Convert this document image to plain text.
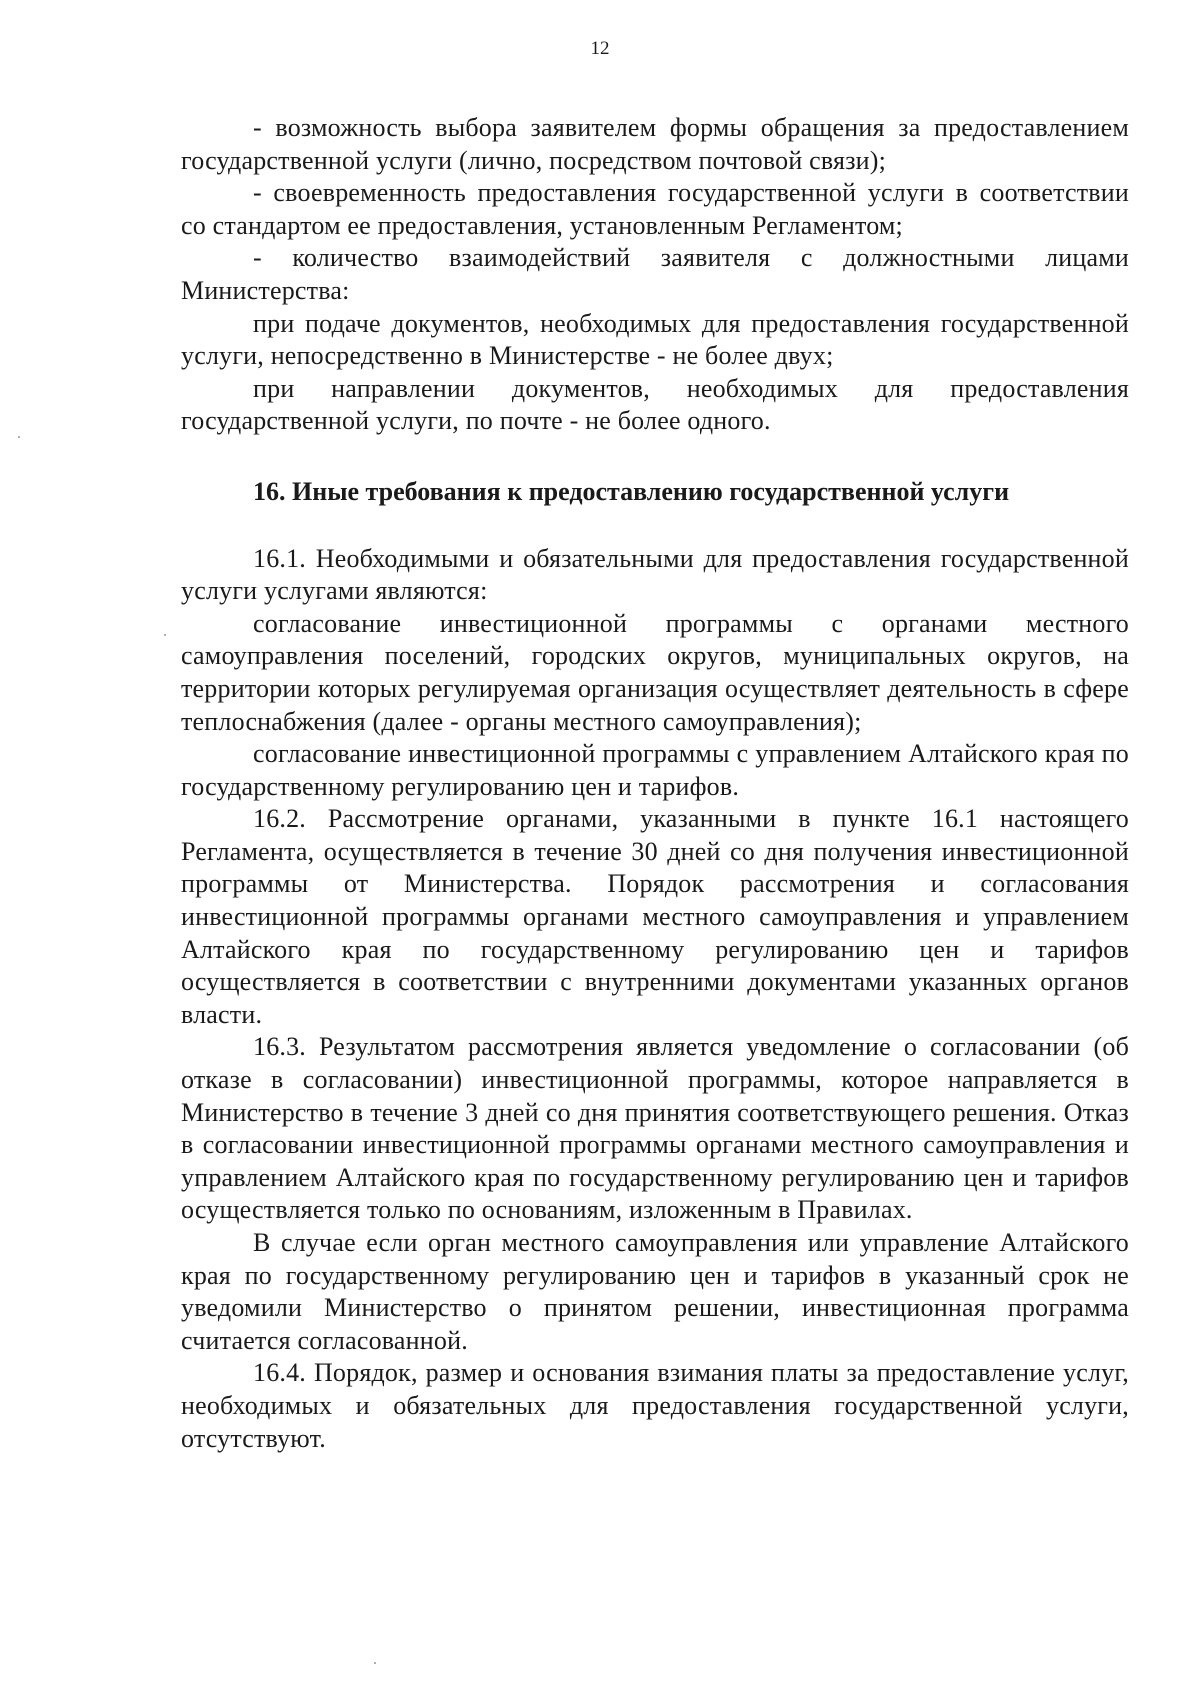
12

- возможность выбора заявителем формы обращения за предоставлением государственной услуги (лично, посредством почтовой связи);

- своевременность предоставления государственной услуги в соответствии со стандартом ее предоставления, установленным Регламентом;

- количество взаимодействий заявителя с должностными лицами Министерства:

при подаче документов, необходимых для предоставления государственной услуги, непосредственно в Министерстве - не более двух;

при направлении документов, необходимых для предоставления государственной услуги, по почте - не более одного.

16. Иные требования к предоставлению государственной услуги

16.1. Необходимыми и обязательными для предоставления государственной услуги услугами являются:

согласование инвестиционной программы с органами местного самоуправления поселений, городских округов, муниципальных округов, на территории которых регулируемая организация осуществляет деятельность в сфере теплоснабжения (далее - органы местного самоуправления);

согласование инвестиционной программы с управлением Алтайского края по государственному регулированию цен и тарифов.

16.2. Рассмотрение органами, указанными в пункте 16.1 настоящего Регламента, осуществляется в течение 30 дней со дня получения инвестиционной программы от Министерства. Порядок рассмотрения и согласования инвестиционной программы органами местного самоуправления и управлением Алтайского края по государственному регулированию цен и тарифов осуществляется в соответствии с внутренними документами указанных органов власти.

16.3. Результатом рассмотрения является уведомление о согласовании (об отказе в согласовании) инвестиционной программы, которое направляется в Министерство в течение 3 дней со дня принятия соответствующего решения. Отказ в согласовании инвестиционной программы органами местного самоуправления и управлением Алтайского края по государственному регулированию цен и тарифов осуществляется только по основаниям, изложенным в Правилах.

В случае если орган местного самоуправления или управление Алтайского края по государственному регулированию цен и тарифов в указанный срок не уведомили Министерство о принятом решении, инвестиционная программа считается согласованной.

16.4. Порядок, размер и основания взимания платы за предоставление услуг, необходимых и обязательных для предоставления государственной услуги, отсутствуют.
